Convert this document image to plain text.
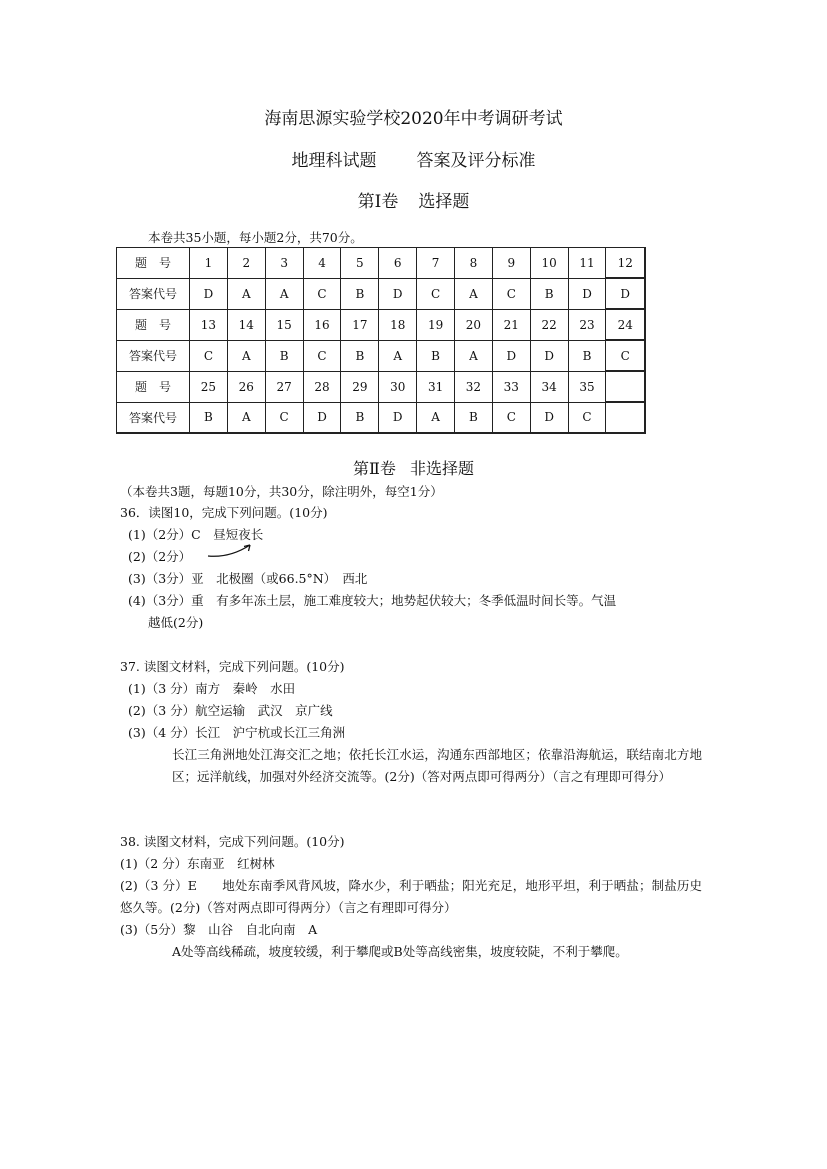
海南思源实验学校2020年中考调研考试
地理科试题 答案及评分标准
第Ⅰ卷 选择题
本卷共35小题，每小题2分，共70分。
题　号	1	2	3	4	5	6	7	8	9	10	11	12
答案代号	D	A	A	C	B	D	C	A	C	B	D	D
题　号	13	14	15	16	17	18	19	20	21	22	23	24
答案代号	C	A	B	C	B	A	B	A	D	D	B	C
题　号	25	26	27	28	29	30	31	32	33	34	35	
答案代号	B	A	C	D	B	D	A	B	C	D	C	
第Ⅱ卷 非选择题
（本卷共3题，每题10分，共30分，除注明外，每空1分）
36．读图10，完成下列问题。(10分)
(1)（2分）C　昼短夜长
(2)（2分）
(3)（3分）亚　北极圈（或66.5°N）　西北
(4)（3分）重　有多年冻土层，施工难度较大；地势起伏较大；冬季低温时间长等。气温
越低(2分)
37. 读图文材料，完成下列问题。(10分)
(1)（3 分）南方　秦岭　水田
(2)（3 分）航空运输　武汉　京广线
(3)（4 分）长江　沪宁杭或长江三角洲
长江三角洲地处江海交汇之地；依托长江水运，沟通东西部地区；依靠沿海航运，联结南北方地区；远洋航线，加强对外经济交流等。(2分)（答对两点即可得两分）（言之有理即可得分）
38. 读图文材料，完成下列问题。(10分)
(1)（2 分）东南亚　红树林
(2)（3 分）E　　地处东南季风背风坡，降水少，利于晒盐；阳光充足，地形平坦，利于晒盐；制盐历史悠久等。(2分)（答对两点即可得两分）（言之有理即可得分）
(3)（5分）黎　山谷　自北向南　A
A处等高线稀疏，坡度较缓，利于攀爬或B处等高线密集，坡度较陡，不利于攀爬。
